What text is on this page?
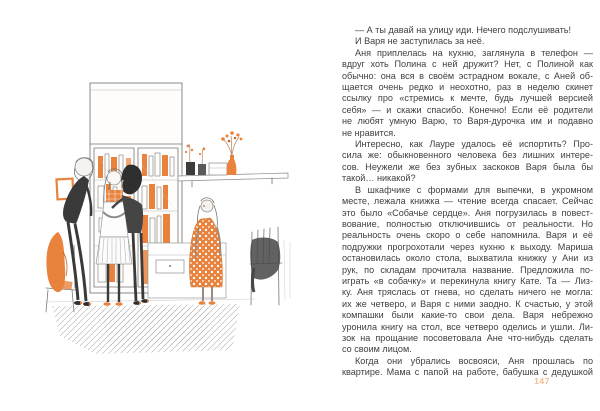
— А ты давай на улицу иди. Нечего подслушивать!
И Варя не заступилась за неё.
Аня приплелась на кухню, заглянула в телефон —
вдруг хоть Полина с ней дружит? Нет, с Полиной как
обычно: она вся в своём эстрадном вокале, с Аней об-
щается очень редко и неохотно, раз в неделю скинет
ссылку про «стремись к мечте, будь лучшей версией
себя» — и скажи спасибо. Конечно! Если её родители
не любят умную Варю, то Варя-дурочка им и подавно
не нравится.
Интересно, как Лауре удалось её испортить? Про-
сила же: обыкновенного человека без лишних интере-
сов. Неужели же без зубных заскоков Варя была бы
такой… никакой?
В шкафчике с формами для выпечки, в укромном
месте, лежала книжка — чтение всегда спасает. Сейчас
это было «Собачье сердце». Аня погрузилась в повест-
вование, полностью отключившись от реальности. Но
реальность очень скоро о себе напомнила. Варя и её
подружки прогрохотали через кухню к выходу. Мариша
остановилась около стола, выхватила книжку у Ани из
рук, по складам прочитала название. Предложила по-
играть «в собачку» и перекинула книгу Кате. Та — Лиз-
ку. Аня тряслась от гнева, но сделать ничего не могла:
их же четверо, и Варя с ними заодно. К счастью, у этой
компашки были какие-то свои дела. Варя небрежно
уронила книгу на стол, все четверо оделись и ушли. Ли-
зок на прощание посоветовала Ане что-нибудь сделать
со своим лицом.
Когда они убрались восвояси, Аня прошлась по
квартире. Мама с папой на работе, бабушка с дедушкой
147
